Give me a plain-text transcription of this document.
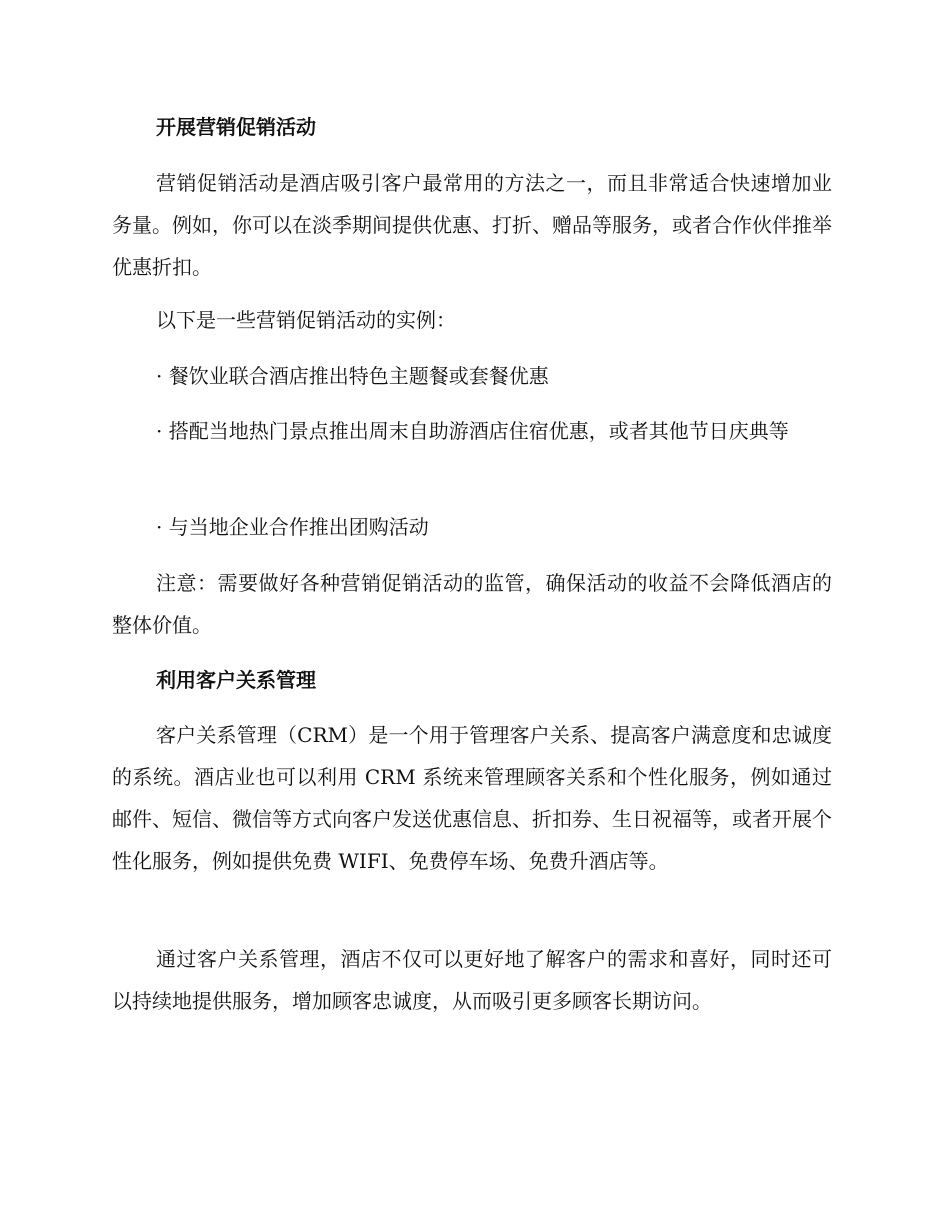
开展营销促销活动

营销促销活动是酒店吸引客户最常用的方法之一，而且非常适合快速增加业务量。例如，你可以在淡季期间提供优惠、打折、赠品等服务，或者合作伙伴推举优惠折扣。

以下是一些营销促销活动的实例：

· 餐饮业联合酒店推出特色主题餐或套餐优惠

· 搭配当地热门景点推出周末自助游酒店住宿优惠，或者其他节日庆典等

· 与当地企业合作推出团购活动

注意：需要做好各种营销促销活动的监管，确保活动的收益不会降低酒店的整体价值。

利用客户关系管理

客户关系管理（CRM）是一个用于管理客户关系、提高客户满意度和忠诚度的系统。酒店业也可以利用 CRM 系统来管理顾客关系和个性化服务，例如通过邮件、短信、微信等方式向客户发送优惠信息、折扣券、生日祝福等，或者开展个性化服务，例如提供免费 WIFI、免费停车场、免费升酒店等。

通过客户关系管理，酒店不仅可以更好地了解客户的需求和喜好，同时还可以持续地提供服务，增加顾客忠诚度，从而吸引更多顾客长期访问。
